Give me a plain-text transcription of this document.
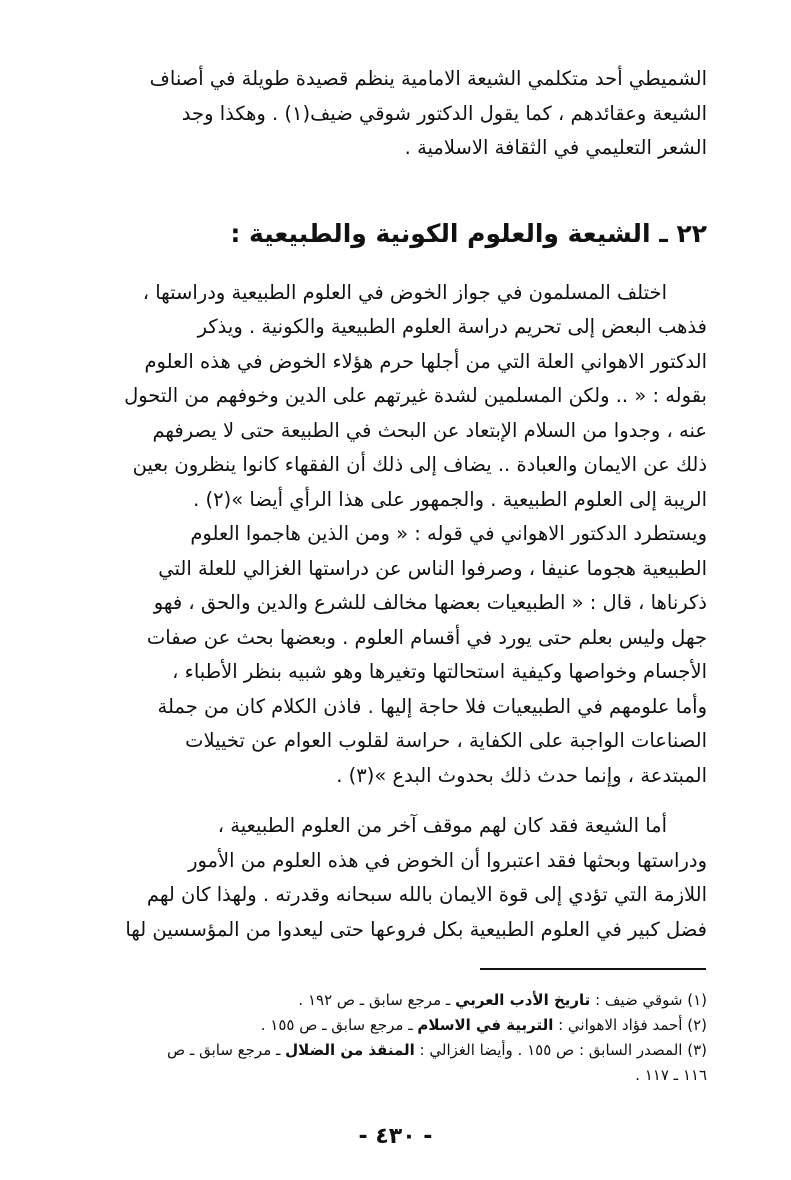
الشميطي أحد متكلمي الشيعة الامامية ينظم قصيدة طويلة في أصناف
الشيعة وعقائدهم ، كما يقول الدكتور شوقي ضيف(١) . وهكذا وجد
الشعر التعليمي في الثقافة الاسلامية .

٢٢ ـ الشيعة والعلوم الكونية والطبيعية :

اختلف المسلمون في جواز الخوض في العلوم الطبيعية ودراستها ،
فذهب البعض إلى تحريم دراسة العلوم الطبيعية والكونية . ويذكر
الدكتور الاهواني العلة التي من أجلها حرم هؤلاء الخوض في هذه العلوم
بقوله : « .. ولكن المسلمين لشدة غيرتهم على الدين وخوفهم من التحول
عنه ، وجدوا من السلام الإبتعاد عن البحث في الطبيعة حتى لا يصرفهم
ذلك عن الايمان والعبادة .. يضاف إلى ذلك أن الفقهاء كانوا ينظرون بعين
الريبة إلى العلوم الطبيعية . والجمهور على هذا الرأي أيضا »(٢) .
ويستطرد الدكتور الاهواني في قوله : « ومن الذين هاجموا العلوم
الطبيعية هجوما عنيفا ، وصرفوا الناس عن دراستها الغزالي للعلة التي
ذكرناها ، قال : « الطبيعيات بعضها مخالف للشرع والدين والحق ، فهو
جهل وليس بعلم حتى يورد في أقسام العلوم . وبعضها بحث عن صفات
الأجسام وخواصها وكيفية استحالتها وتغيرها وهو شبيه بنظر الأطباء ،
وأما علومهم في الطبيعيات فلا حاجة إليها . فاذن الكلام كان من جملة
الصناعات الواجبة على الكفاية ، حراسة لقلوب العوام عن تخييلات
المبتدعة ، وإنما حدث ذلك بحدوث البدع »(٣) .

أما الشيعة فقد كان لهم موقف آخر من العلوم الطبيعية ،
ودراستها وبحثها فقد اعتبروا أن الخوض في هذه العلوم من الأمور
اللازمة التي تؤدي إلى قوة الايمان بالله سبحانه وقدرته . ولهذا كان لهم
فضل كبير في العلوم الطبيعية بكل فروعها حتى ليعدوا من المؤسسين لها

(١) شوقي ضيف : تاريخ الأدب العربي ـ مرجع سابق ـ ص ١٩٢ .

(٢) أحمد فؤاد الاهواني : التربية في الاسلام ـ مرجع سابق ـ ص ١٥٥ .

(٣) المصدر السابق : ص ١٥٥ . وأيضا الغزالي : المنقذ من الضلال ـ مرجع سابق ـ ص

١١٦ ـ ١١٧ .

- ٤٣٠ -
